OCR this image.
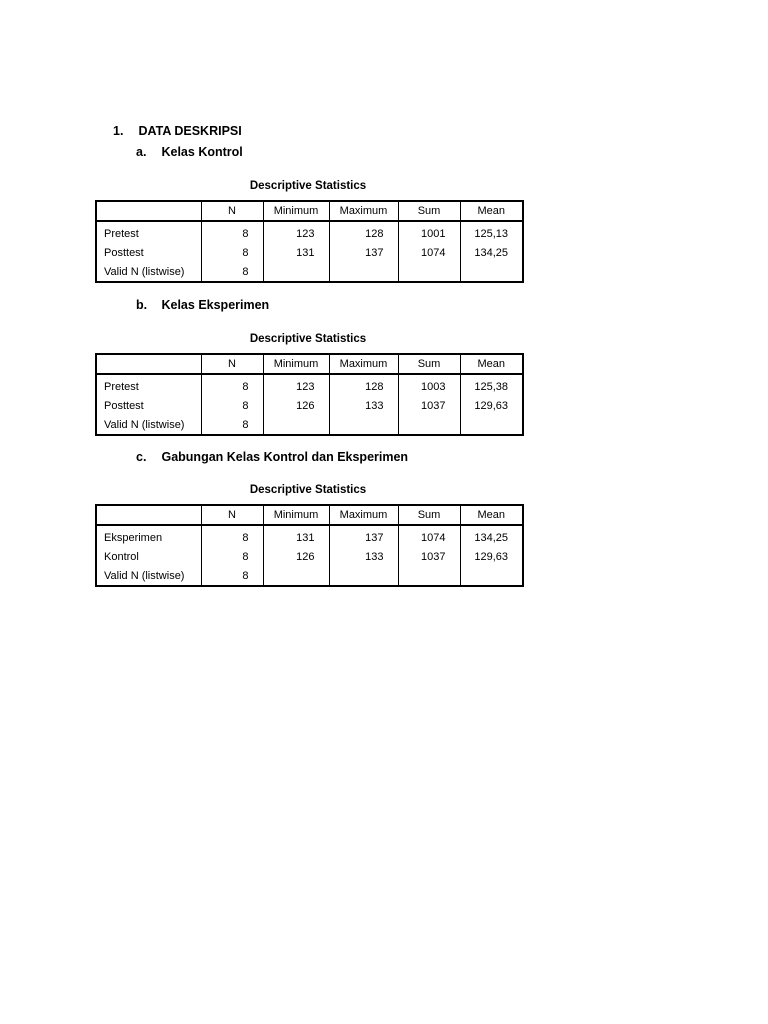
1. DATA DESKRIPSI
a. Kelas Kontrol
Descriptive Statistics
	N	Minimum	Maximum	Sum	Mean
Pretest	8	123	128	1001	125,13
Posttest	8	131	137	1074	134,25
Valid N (listwise)	8				
b. Kelas Eksperimen
Descriptive Statistics
	N	Minimum	Maximum	Sum	Mean
Pretest	8	123	128	1003	125,38
Posttest	8	126	133	1037	129,63
Valid N (listwise)	8				
c. Gabungan Kelas Kontrol dan Eksperimen
Descriptive Statistics
	N	Minimum	Maximum	Sum	Mean
Eksperimen	8	131	137	1074	134,25
Kontrol	8	126	133	1037	129,63
Valid N (listwise)	8				
